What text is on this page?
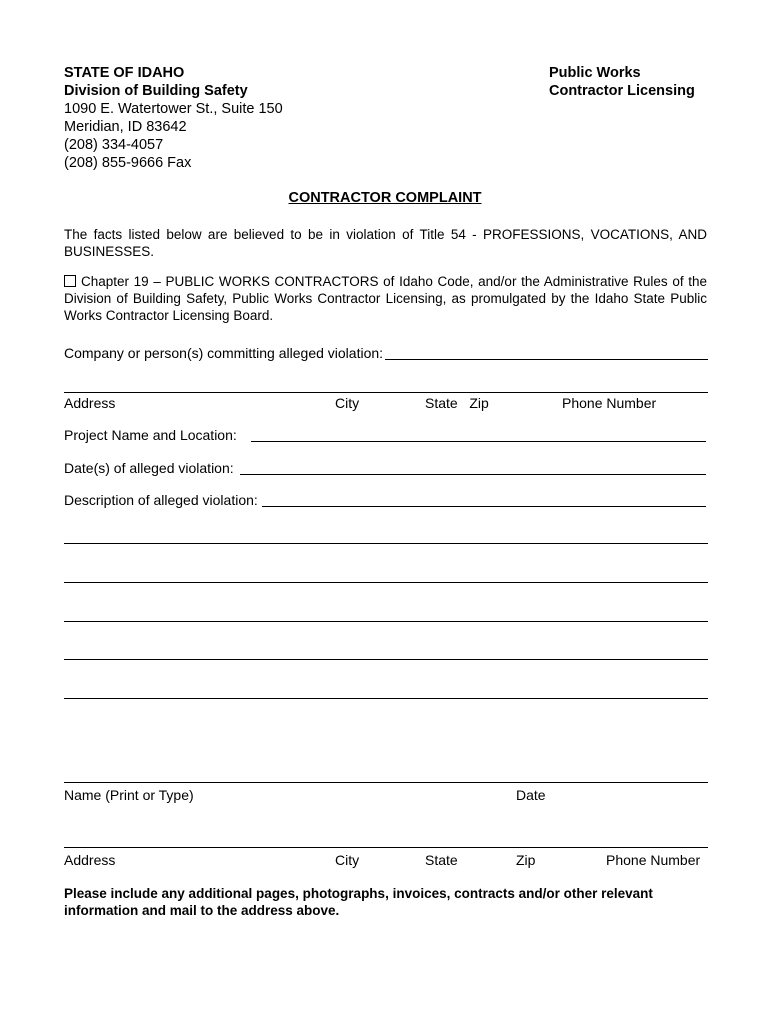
STATE OF IDAHO
Division of Building Safety
1090 E. Watertower St., Suite 150
Meridian, ID 83642
(208) 334-4057
(208) 855-9666 Fax
Public Works
Contractor Licensing
CONTRACTOR COMPLAINT
The facts listed below are believed to be in violation of Title 54 - PROFESSIONS, VOCATIONS, AND BUSINESSES.
Chapter 19 – PUBLIC WORKS CONTRACTORS of Idaho Code, and/or the Administrative Rules of the Division of Building Safety, Public Works Contractor Licensing, as promulgated by the Idaho State Public Works Contractor Licensing Board.
Company or person(s) committing alleged violation:
Address	City	State   Zip	Phone Number
Project Name and Location:
Date(s) of alleged violation:
Description of alleged violation:
Name (Print or Type)	Date
Address	City	State	Zip	Phone Number
Please include any additional pages, photographs, invoices, contracts and/or other relevant information and mail to the address above.
